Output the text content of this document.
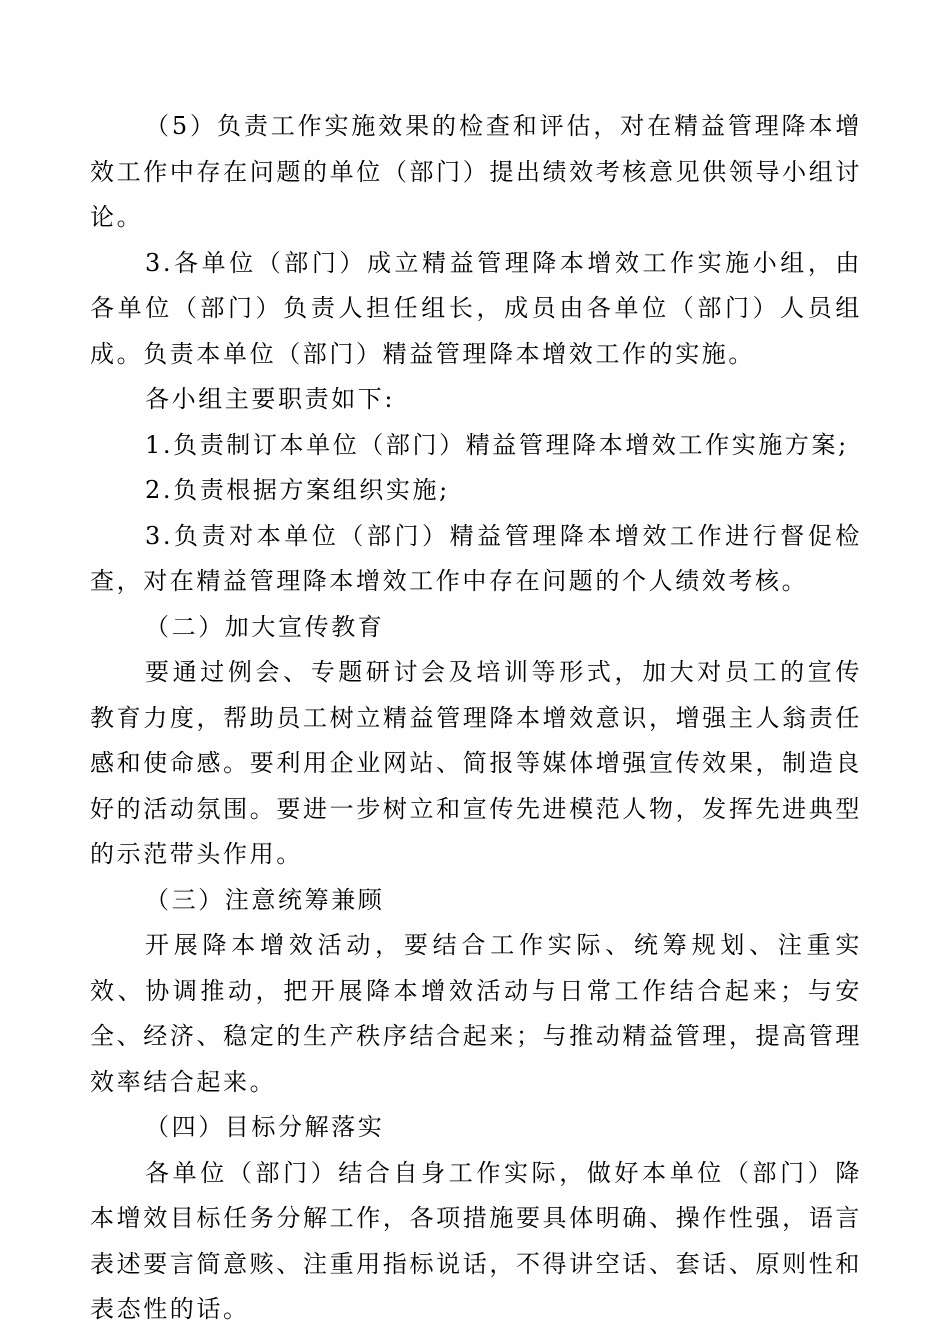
（5）负责工作实施效果的检查和评估，对在精益管理降本增效工作中存在问题的单位（部门）提出绩效考核意见供领导小组讨论。

3.各单位（部门）成立精益管理降本增效工作实施小组，由各单位（部门）负责人担任组长，成员由各单位（部门）人员组成。负责本单位（部门）精益管理降本增效工作的实施。

各小组主要职责如下:

1.负责制订本单位（部门）精益管理降本增效工作实施方案;

2.负责根据方案组织实施;

3.负责对本单位（部门）精益管理降本增效工作进行督促检查，对在精益管理降本增效工作中存在问题的个人绩效考核。

（二）加大宣传教育

要通过例会、专题研讨会及培训等形式，加大对员工的宣传教育力度，帮助员工树立精益管理降本增效意识，增强主人翁责任感和使命感。要利用企业网站、简报等媒体增强宣传效果，制造良好的活动氛围。要进一步树立和宣传先进模范人物，发挥先进典型的示范带头作用。

（三）注意统筹兼顾

开展降本增效活动，要结合工作实际、统筹规划、注重实效、协调推动，把开展降本增效活动与日常工作结合起来；与安全、经济、稳定的生产秩序结合起来；与推动精益管理，提高管理效率结合起来。

（四）目标分解落实

各单位（部门）结合自身工作实际，做好本单位（部门）降本增效目标任务分解工作，各项措施要具体明确、操作性强，语言表述要言简意赅、注重用指标说话，不得讲空话、套话、原则性和表态性的话。
